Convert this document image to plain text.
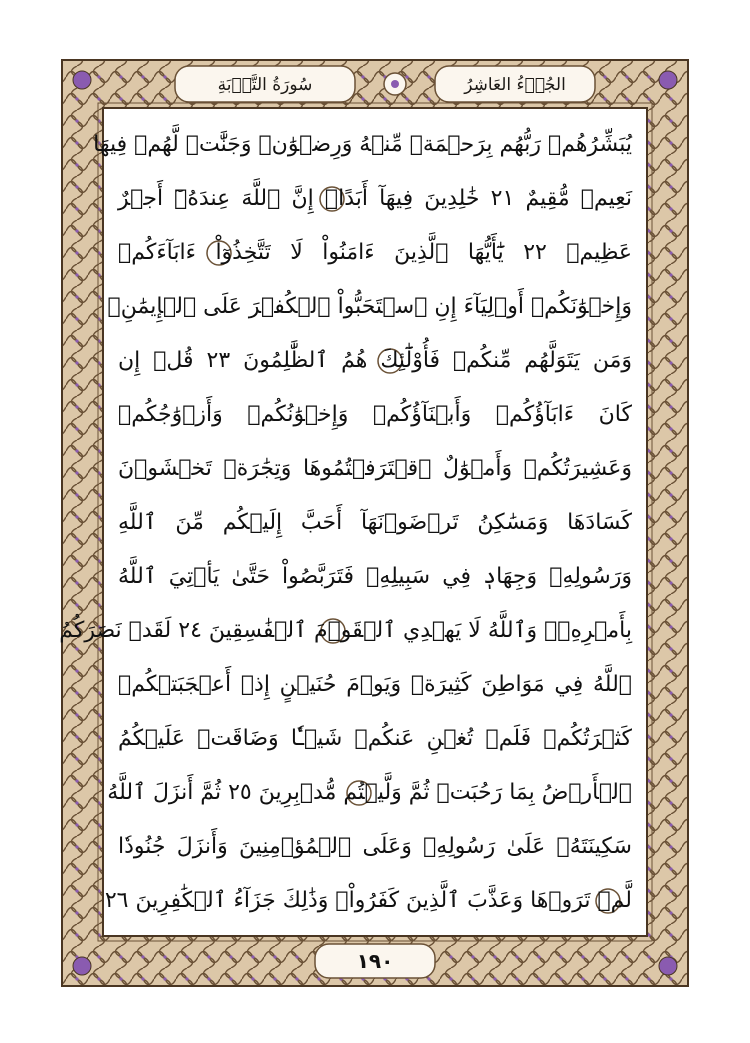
سُورَةُ التَّوۡبَةِ	الجُزۡءُ العَاشِرُ
يُبَشِّرُهُمۡ رَبُّهُم بِرَحۡمَةٖ مِّنۡهُ وَرِضۡوَٰنٖ وَجَنَّٰتٖ لَّهُمۡ فِيهَا
نَعِيمٞ مُّقِيمٌ ٢١ خَٰلِدِينَ فِيهَآ أَبَدًاۚ إِنَّ ٱللَّهَ عِندَهُۥٓ أَجۡرٌ
عَظِيمٞ ٢٢ يَٰٓأَيُّهَا ٱلَّذِينَ ءَامَنُواْ لَا تَتَّخِذُوٓاْ ءَابَآءَكُمۡ
وَإِخۡوَٰنَكُمۡ أَوۡلِيَآءَ إِنِ ٱسۡتَحَبُّواْ ٱلۡكُفۡرَ عَلَى ٱلۡإِيمَٰنِۚ
وَمَن يَتَوَلَّهُم مِّنكُمۡ فَأُوْلَٰٓئِكَ هُمُ ٱلظَّٰلِمُونَ ٢٣ قُلۡ إِن
كَانَ ءَابَآؤُكُمۡ وَأَبۡنَآؤُكُمۡ وَإِخۡوَٰنُكُمۡ وَأَزۡوَٰجُكُمۡ
وَعَشِيرَتُكُمۡ وَأَمۡوَٰلٌ ٱقۡتَرَفۡتُمُوهَا وَتِجَٰرَةٞ تَخۡشَوۡنَ
كَسَادَهَا وَمَسَٰكِنُ تَرۡضَوۡنَهَآ أَحَبَّ إِلَيۡكُم مِّنَ ٱللَّهِ
وَرَسُولِهِۦ وَجِهَادٖ فِي سَبِيلِهِۦ فَتَرَبَّصُواْ حَتَّىٰ يَأۡتِيَ ٱللَّهُ
بِأَمۡرِهِۦۗ وَٱللَّهُ لَا يَهۡدِي ٱلۡقَوۡمَ ٱلۡفَٰسِقِينَ ٢٤ لَقَدۡ نَصَرَكُمُ
ٱللَّهُ فِي مَوَاطِنَ كَثِيرَةٖ وَيَوۡمَ حُنَيۡنٍ إِذۡ أَعۡجَبَتۡكُمۡ
كَثۡرَتُكُمۡ فَلَمۡ تُغۡنِ عَنكُمۡ شَيۡـٔٗا وَضَاقَتۡ عَلَيۡكُمُ
ٱلۡأَرۡضُ بِمَا رَحُبَتۡ ثُمَّ وَلَّيۡتُم مُّدۡبِرِينَ ٢٥ ثُمَّ أَنزَلَ ٱللَّهُ
سَكِينَتَهُۥ عَلَىٰ رَسُولِهِۦ وَعَلَى ٱلۡمُؤۡمِنِينَ وَأَنزَلَ جُنُودٗا
لَّمۡ تَرَوۡهَا وَعَذَّبَ ٱلَّذِينَ كَفَرُواْۚ وَذَٰلِكَ جَزَآءُ ٱلۡكَٰفِرِينَ ٢٦
١٩٠
